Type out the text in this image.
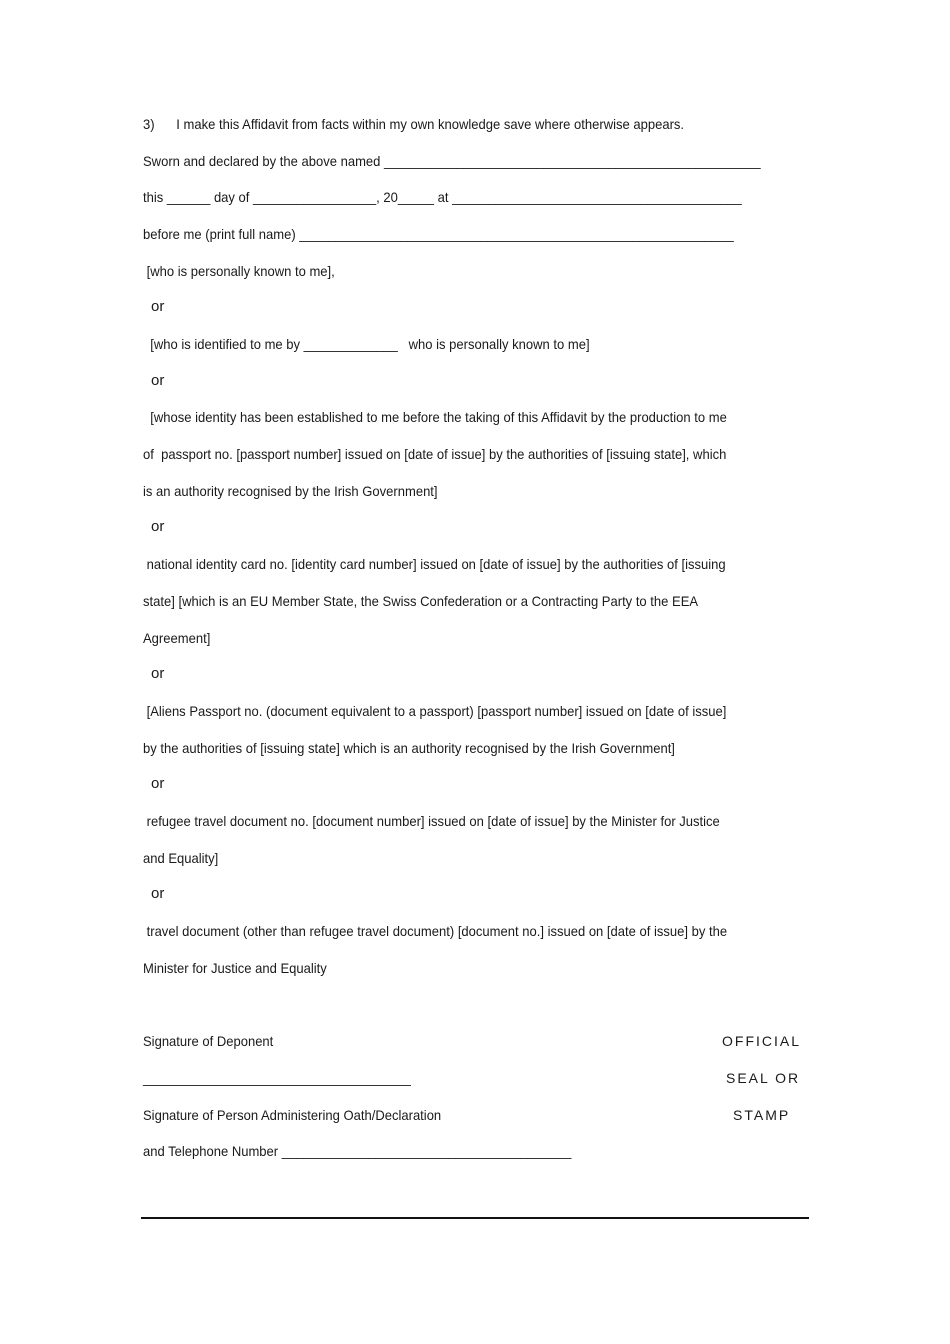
3)      I make this Affidavit from facts within my own knowledge save where otherwise appears.
Sworn and declared by the above named ____________________________________________________
this ______ day of _________________, 20_____ at ________________________________________
before me (print full name) ____________________________________________________________
[who is personally known to me],
or
[who is identified to me by _____________   who is personally known to me]
or
[whose identity has been established to me before the taking of this Affidavit by the production to me
of  passport no. [passport number] issued on [date of issue] by the authorities of [issuing state], which
is an authority recognised by the Irish Government]
or
national identity card no. [identity card number] issued on [date of issue] by the authorities of [issuing
state] [which is an EU Member State, the Swiss Confederation or a Contracting Party to the EEA
Agreement]
or
[Aliens Passport no. (document equivalent to a passport) [passport number] issued on [date of issue]
by the authorities of [issuing state] which is an authority recognised by the Irish Government]
or
refugee travel document no. [document number] issued on [date of issue] by the Minister for Justice
and Equality]
or
travel document (other than refugee travel document) [document no.] issued on [date of issue] by the
Minister for Justice and Equality
Signature of Deponent
_____________________________________
Signature of Person Administering Oath/Declaration
and Telephone Number ________________________________________
OFFICIAL
SEAL OR
STAMP
